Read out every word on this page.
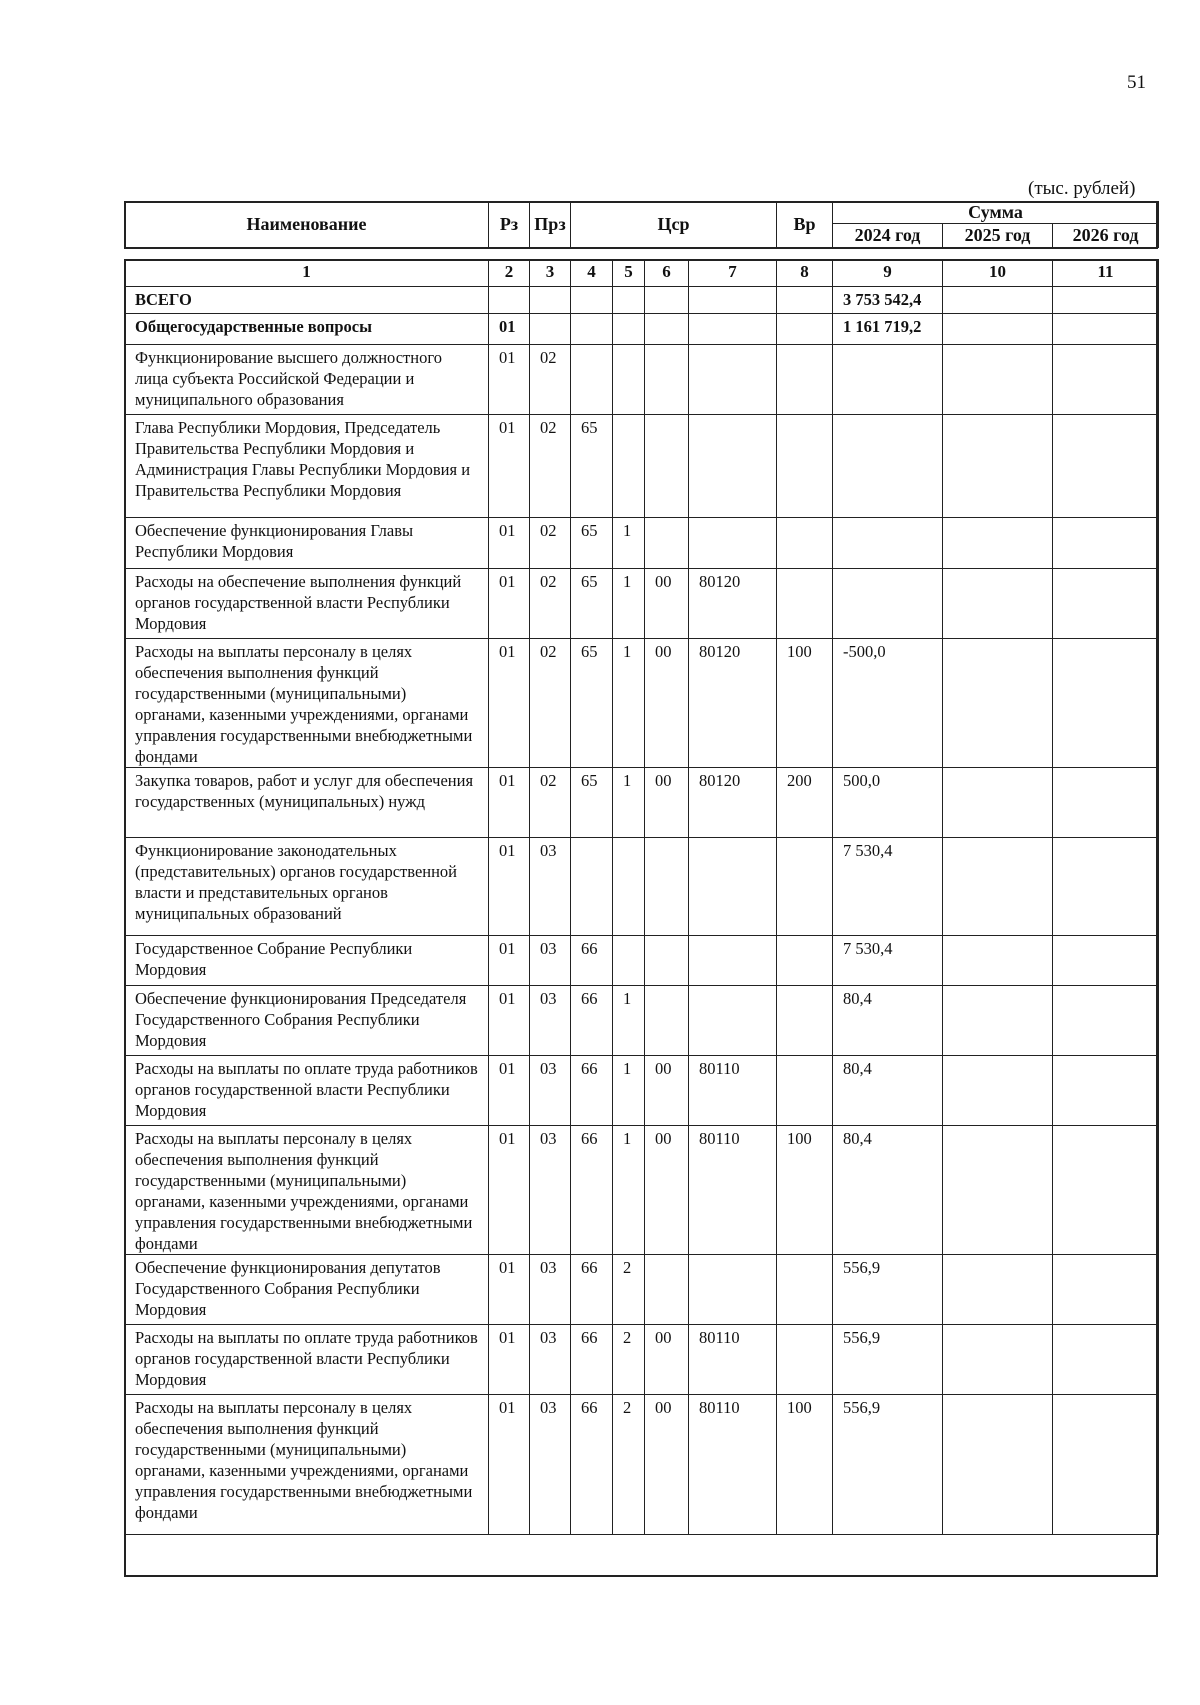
51
(тыс. рублей)
Наименование	Рз	Прз	Цср	Вр	Сумма		
					2024 год	2025 год	2026 год
1	2	3	4	5	6	7	8	9	10	11
ВСЕГО								3 753 542,4		
Общегосударственные вопросы	01							1 161 719,2		
Функционирование высшего должностного лица субъекта Российской Федерации и муниципального образования	01	02								
Глава Республики Мордовия, Председатель Правительства Республики Мордовия и Администрация Главы Республики Мордовия и Правительства Республики Мордовия	01	02	65							
Обеспечение функционирования Главы Республики Мордовия	01	02	65	1						
Расходы на обеспечение выполнения функций органов государственной власти Республики Мордовия	01	02	65	1	00	80120				
Расходы на выплаты персоналу в целях обеспечения выполнения функций государственными (муниципальными) органами, казенными учреждениями, органами управления государственными внебюджетными фондами	01	02	65	1	00	80120	100	-500,0		
Закупка товаров, работ и услуг для обеспечения государственных (муниципальных) нужд	01	02	65	1	00	80120	200	500,0		
Функционирование законодательных (представительных) органов государственной власти и представительных органов муниципальных образований	01	03						7 530,4		
Государственное Собрание Республики Мордовия	01	03	66					7 530,4		
Обеспечение функционирования Председателя Государственного Собрания Республики Мордовия	01	03	66	1				80,4		
Расходы на выплаты по оплате труда работников органов государственной власти Республики Мордовия	01	03	66	1	00	80110		80,4		
Расходы на выплаты персоналу в целях обеспечения выполнения функций государственными (муниципальными) органами, казенными учреждениями, органами управления государственными внебюджетными фондами	01	03	66	1	00	80110	100	80,4		
Обеспечение функционирования депутатов Государственного Собрания Республики Мордовия	01	03	66	2				556,9		
Расходы на выплаты по оплате труда работников органов государственной власти Республики Мордовия	01	03	66	2	00	80110		556,9		
Расходы на выплаты персоналу в целях обеспечения выполнения функций государственными (муниципальными) органами, казенными учреждениями, органами управления государственными внебюджетными фондами	01	03	66	2	00	80110	100	556,9		
